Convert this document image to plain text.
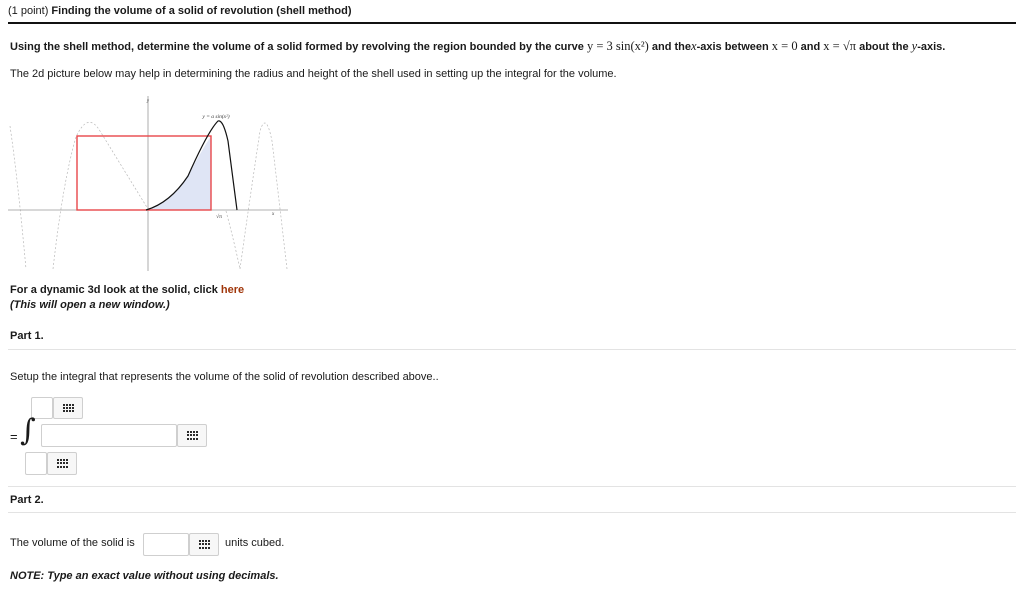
(1 point) Finding the volume of a solid of revolution (shell method)
Using the shell method, determine the volume of a solid formed by revolving the region bounded by the curve y = 3 sin(x²) and thex-axis between x = 0 and x = √π about the y-axis.
The 2d picture below may help in determining the radius and height of the shell used in setting up the integral for the volume.
y
x
y = a sin(x²)
√π
For a dynamic 3d look at the solid, click here
(This will open a new window.)
Part 1.
Setup the integral that represents the volume of the solid of revolution described above..
= ∫
Part 2.
The volume of the solid is	units cubed.
NOTE: Type an exact value without using decimals.
